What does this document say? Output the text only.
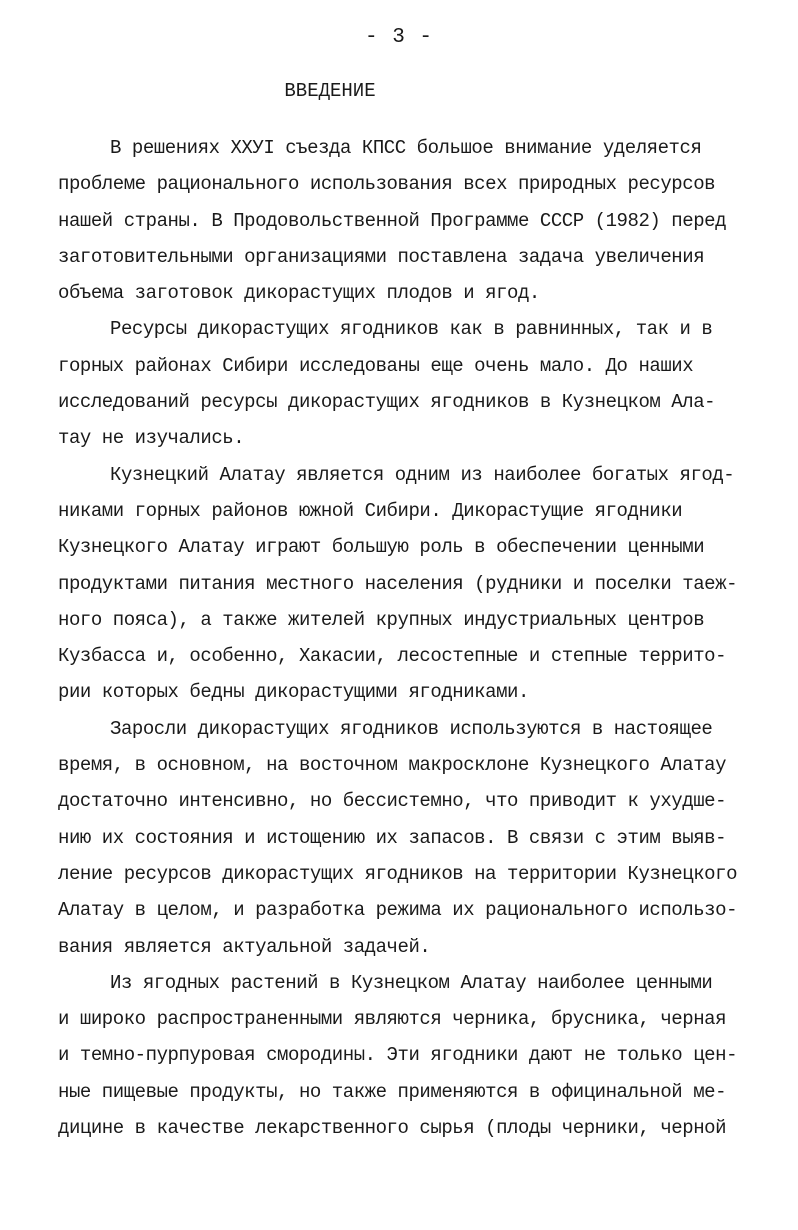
- 3 -
ВВЕДЕНИЕ
В решениях ХХУI съезда КПСС большое внимание уделяется
проблеме рационального использования всех природных ресурсов
нашей страны. В Продовольственной Программе СССР (1982) перед
заготовительными организациями поставлена задача увеличения
объема заготовок дикорастущих плодов и ягод.
Ресурсы дикорастущих ягодников как в равнинных, так и в
горных районах Сибири исследованы еще очень мало. До наших
исследований ресурсы дикорастущих ягодников в Кузнецком Ала-
тау не изучались.
Кузнецкий Алатау является одним из наиболее богатых ягод-
никами горных районов южной Сибири. Дикорастущие ягодники
Кузнецкого Алатау играют большую роль в обеспечении ценными
продуктами питания местного населения (рудники и поселки таеж-
ного пояса), а также жителей крупных индустриальных центров
Кузбасса и, особенно, Хакасии, лесостепные и степные террито-
рии которых бедны дикорастущими ягодниками.
Заросли дикорастущих ягодников используются в настоящее
время, в основном, на восточном макросклоне Кузнецкого Алатау
достаточно интенсивно, но бессистемно, что приводит к ухудше-
нию их состояния и истощению их запасов. В связи с этим выяв-
ление ресурсов дикорастущих ягодников на территории Кузнецкого
Алатау в целом, и разработка режима их рационального использо-
вания является актуальной задачей.
Из ягодных растений в Кузнецком Алатау наиболее ценными
и широко распространенными являются черника, брусника, черная
и темно-пурпуровая смородины. Эти ягодники дают не только цен-
ные пищевые продукты, но также применяются в официнальной ме-
дицине в качестве лекарственного сырья (плоды черники, черной
